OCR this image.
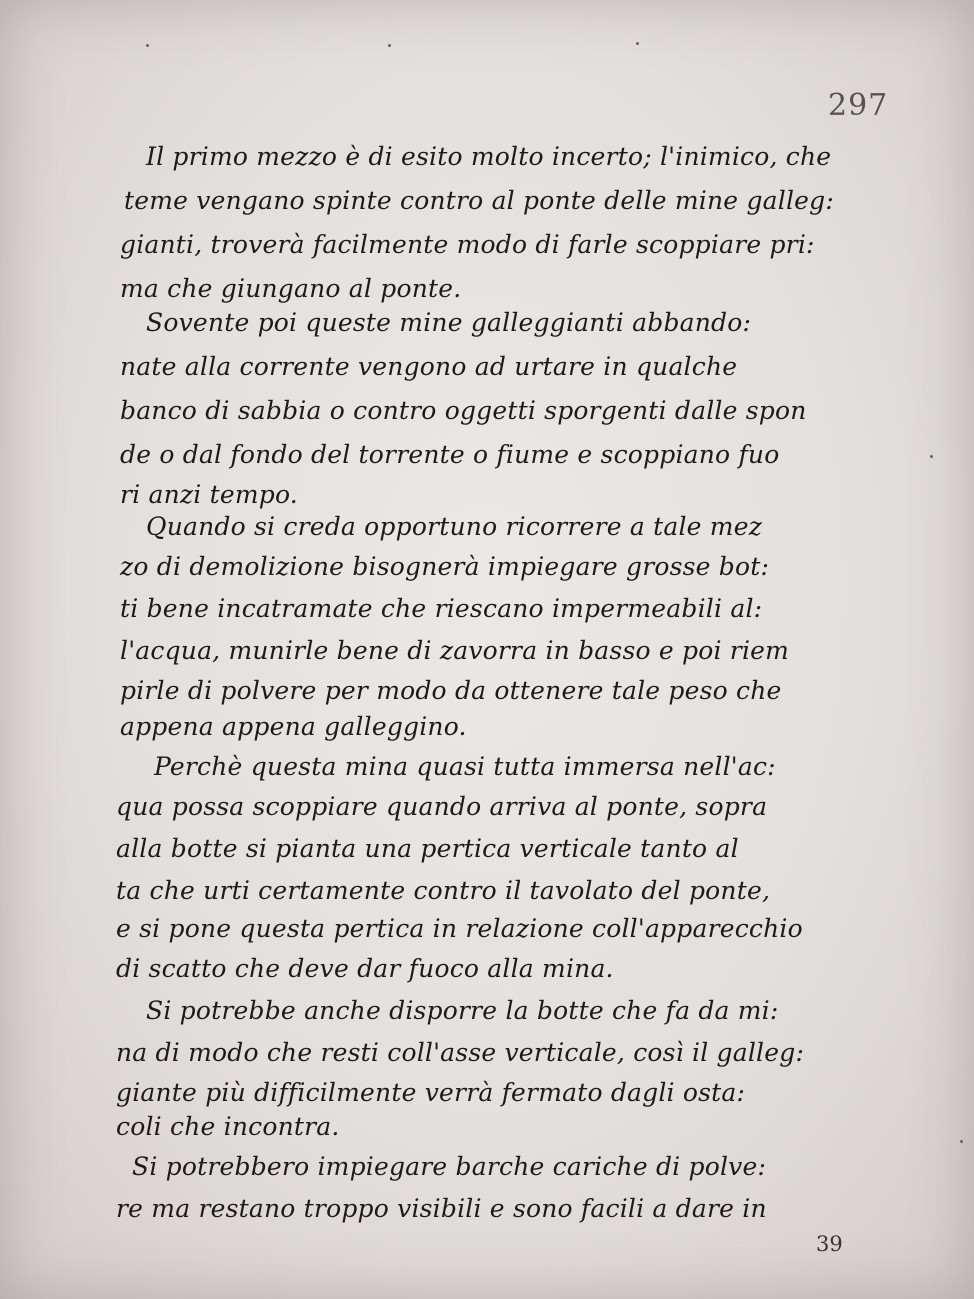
297
Il primo mezzo è di esito molto incerto; l'inimico, che
teme vengano spinte contro al ponte delle mine galleg:
gianti, troverà facilmente modo di farle scoppiare pri:
ma che giungano al ponte.
Sovente poi queste mine galleggianti abbando:
nate alla corrente vengono ad urtare in qualche
banco di sabbia o contro oggetti sporgenti dalle spon
de o dal fondo del torrente o fiume e scoppiano fuo
ri anzi tempo.
Quando si creda opportuno ricorrere a tale mez
zo di demolizione bisognerà impiegare grosse bot:
ti bene incatramate che riescano impermeabili al:
l'acqua, munirle bene di zavorra in basso e poi riem
pirle di polvere per modo da ottenere tale peso che
appena appena galleggino.
Perchè questa mina quasi tutta immersa nell'ac:
qua possa scoppiare quando arriva al ponte, sopra
alla botte si pianta una pertica verticale tanto al
ta che urti certamente contro il tavolato del ponte,
e si pone questa pertica in relazione coll'apparecchio
di scatto che deve dar fuoco alla mina.
Si potrebbe anche disporre la botte che fa da mi:
na di modo che resti coll'asse verticale, così il galleg:
giante più difficilmente verrà fermato dagli osta:
coli che incontra.
Si potrebbero impiegare barche cariche di polve:
re ma restano troppo visibili e sono facili a dare in
39
